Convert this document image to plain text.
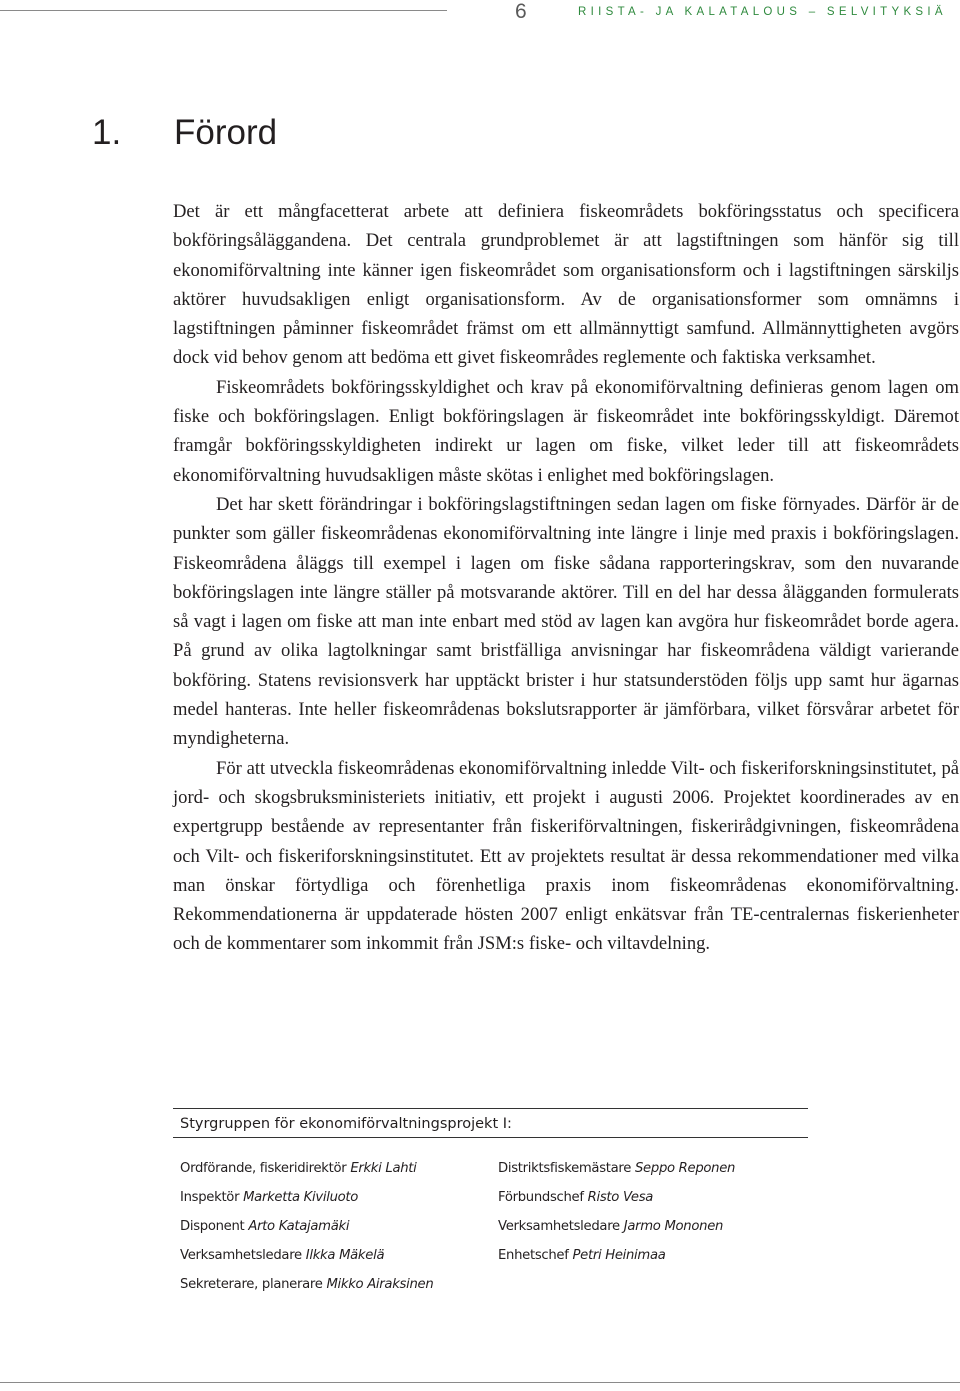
6	RIISTA- JA KALATALOUS – SELVITYKSIÄ
1. Förord

Det är ett mångfacetterat arbete att definiera fiskeområdets bokföringsstatus och specificera bokföringsåläggandena. Det centrala grundproblemet är att lagstiftningen som hänför sig till ekonomiförvaltning inte känner igen fiskeområdet som organisationsform och i lagstiftningen särskiljs aktörer huvudsakligen enligt organisationsform. Av de organisationsformer som omnämns i lagstiftningen påminner fiskeområdet främst om ett allmännyttigt samfund. Allmännyttigheten avgörs dock vid behov genom att bedöma ett givet fiskeområdes reglemente och faktiska verksamhet.

Fiskeområdets bokföringsskyldighet och krav på ekonomiförvaltning definieras genom lagen om fiske och bokföringslagen. Enligt bokföringslagen är fiskeområdet inte bokföringsskyldigt. Däremot framgår bokföringsskyldigheten indirekt ur lagen om fiske, vilket leder till att fiskeområdets ekonomiförvaltning huvudsakligen måste skötas i enlighet med bokföringslagen.

Det har skett förändringar i bokföringslagstiftningen sedan lagen om fiske förnyades. Därför är de punkter som gäller fiskeområdenas ekonomiförvaltning inte längre i linje med praxis i bokföringslagen. Fiskeområdena åläggs till exempel i lagen om fiske sådana rapporteringskrav, som den nuvarande bokföringslagen inte längre ställer på motsvarande aktörer. Till en del har dessa ålägganden formulerats så vagt i lagen om fiske att man inte enbart med stöd av lagen kan avgöra hur fiskeområdet borde agera. På grund av olika lagtolkningar samt bristfälliga anvisningar har fiskeområdena väldigt varierande bokföring. Statens revisionsverk har upptäckt brister i hur statsunderstöden följs upp samt hur ägarnas medel hanteras. Inte heller fiskeområdenas bokslutsrapporter är jämförbara, vilket försvårar arbetet för myndigheterna.

För att utveckla fiskeområdenas ekonomiförvaltning inledde Vilt- och fiskeriforskningsinstitutet, på jord- och skogsbruksministeriets initiativ, ett projekt i augusti 2006. Projektet koordinerades av en expertgrupp bestående av representanter från fiskeriförvaltningen, fiskerirådgivningen, fiskeområdena och Vilt- och fiskeriforskningsinstitutet. Ett av projektets resultat är dessa rekommendationer med vilka man önskar förtydliga och förenhetliga praxis inom fiskeområdenas ekonomiförvaltning. Rekommendationerna är uppdaterade hösten 2007 enligt enkätsvar från TE-centralernas fiskerienheter och de kommentarer som inkommit från JSM:s fiske- och viltavdelning.

Styrgruppen för ekonomiförvaltningsprojekt I:
Ordförande, fiskeridirektör Erkki Lahti
Inspektör Marketta Kiviluoto
Disponent Arto Katajamäki
Verksamhetsledare Ilkka Mäkelä
Sekreterare, planerare Mikko Airaksinen
Distriktsfiskemästare Seppo Reponen
Förbundschef Risto Vesa
Verksamhetsledare Jarmo Mononen
Enhetschef Petri Heinimaa
